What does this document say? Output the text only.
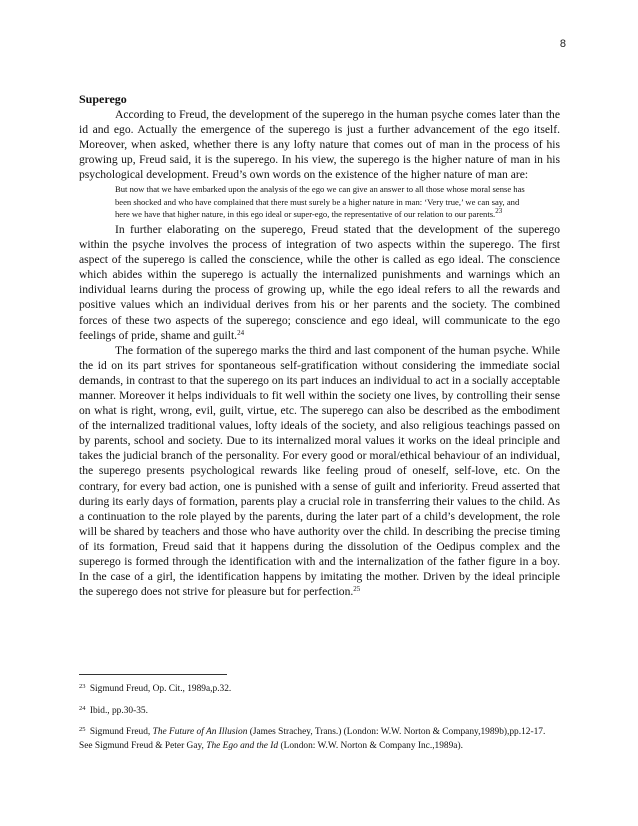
8
Superego

According to Freud, the development of the superego in the human psyche comes later than the id and ego. Actually the emergence of the superego is just a further advancement of the ego itself. Moreover, when asked, whether there is any lofty nature that comes out of man in the process of his growing up, Freud said, it is the superego. In his view, the superego is the higher nature of man in his psychological development. Freud’s own words on the existence of the higher nature of man are:

But now that we have embarked upon the analysis of the ego we can give an answer to all those whose moral sense has been shocked and who have complained that there must surely be a higher nature in man: ‘Very true,’ we can say, and here we have that higher nature, in this ego ideal or super-ego, the representative of our relation to our parents.$^{23}$

In further elaborating on the superego, Freud stated that the development of the superego within the psyche involves the process of integration of two aspects within the superego. The first aspect of the superego is called the conscience, while the other is called as ego ideal. The conscience which abides within the superego is actually the internalized punishments and warnings which an individual learns during the process of growing up, while the ego ideal refers to all the rewards and positive values which an individual derives from his or her parents and the society. The combined forces of these two aspects of the superego; conscience and ego ideal, will communicate to the ego feelings of pride, shame and guilt.$^{24}$

The formation of the superego marks the third and last component of the human psyche. While the id on its part strives for spontaneous self-gratification without considering the immediate social demands, in contrast to that the superego on its part induces an individual to act in a socially acceptable manner. Moreover it helps individuals to fit well within the society one lives, by controlling their sense on what is right, wrong, evil, guilt, virtue, etc. The superego can also be described as the embodiment of the internalized traditional values, lofty ideals of the society, and also religious teachings passed on by parents, school and society. Due to its internalized moral values it works on the ideal principle and takes the judicial branch of the personality. For every good or moral/ethical behaviour of an individual, the superego presents psychological rewards like feeling proud of oneself, self-love, etc. On the contrary, for every bad action, one is punished with a sense of guilt and inferiority. Freud asserted that during its early days of formation, parents play a crucial role in transferring their values to the child. As a continuation to the role played by the parents, during the later part of a child’s development, the role will be shared by teachers and those who have authority over the child. In describing the precise timing of its formation, Freud said that it happens during the dissolution of the Oedipus complex and the superego is formed through the identification with and the internalization of the father figure in a boy. In the case of a girl, the identification happens by imitating the mother. Driven by the ideal principle the superego does not strive for pleasure but for perfection.$^{25}$

$^{23}$ Sigmund Freud, Op. Cit., 1989a,p.32.
$^{24}$ Ibid., pp.30-35.
$^{25}$ Sigmund Freud, The Future of An Illusion (James Strachey, Trans.) (London: W.W. Norton & Company,1989b),pp.12-17. See Sigmund Freud & Peter Gay, The Ego and the Id (London: W.W. Norton & Company Inc.,1989a).
